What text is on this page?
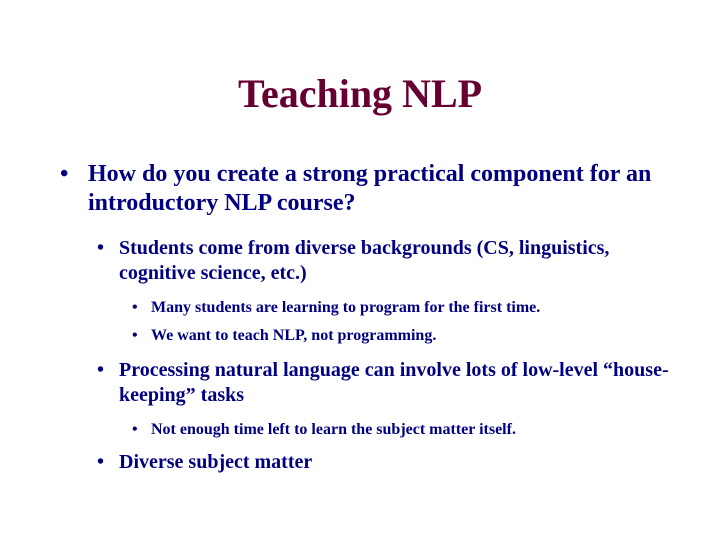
Teaching NLP
• How do you create a strong practical component for an introductory NLP course?
• Students come from diverse backgrounds (CS, linguistics, cognitive science, etc.)
• Many students are learning to program for the first time.
• We want to teach NLP, not programming.
• Processing natural language can involve lots of low-level “house-keeping” tasks
• Not enough time left to learn the subject matter itself.
• Diverse subject matter
